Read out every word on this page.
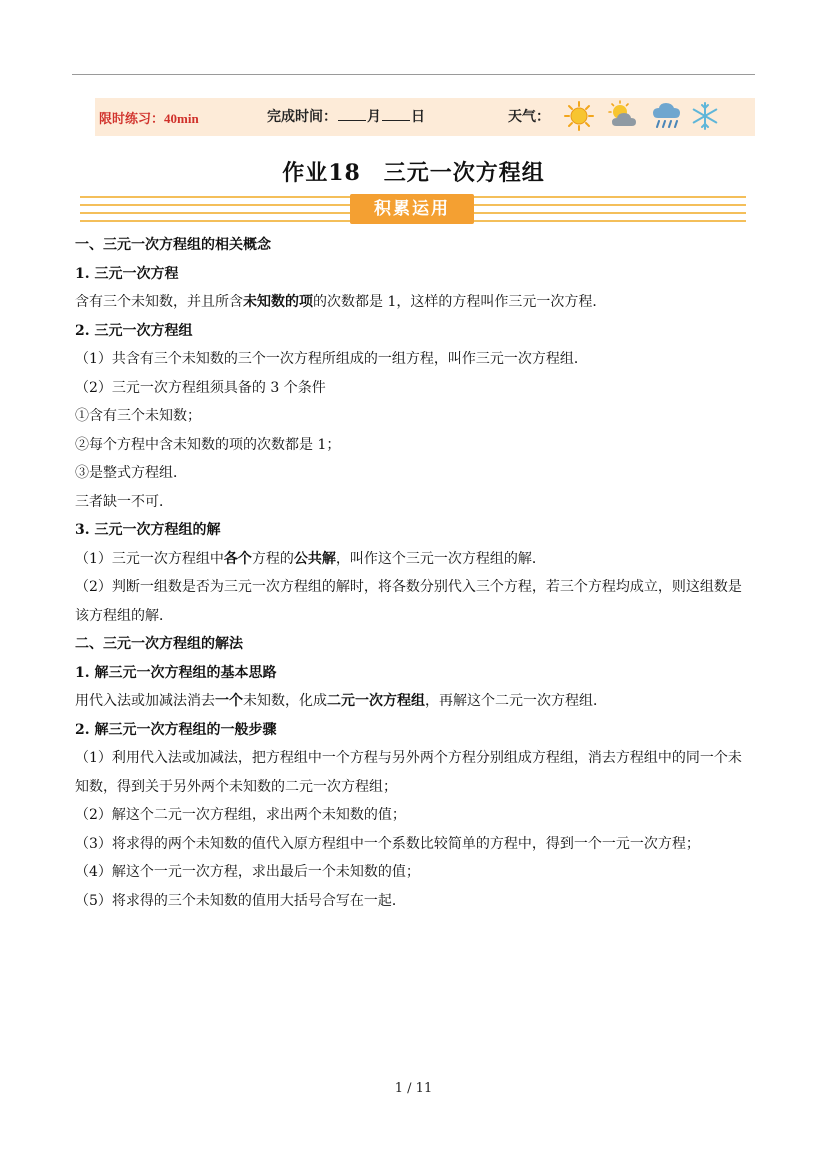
限时练习：40min	完成时间： 月 日	天气：
作业18　三元一次方程组
积累运用

一、三元一次方程组的相关概念

1. 三元一次方程

含有三个未知数，并且所含未知数的项的次数都是 1，这样的方程叫作三元一次方程．

2. 三元一次方程组

（1）共含有三个未知数的三个一次方程所组成的一组方程，叫作三元一次方程组．

（2）三元一次方程组须具备的 3 个条件

①含有三个未知数；

②每个方程中含未知数的项的次数都是 1；

③是整式方程组．

三者缺一不可．

3. 三元一次方程组的解

（1）三元一次方程组中各个方程的公共解，叫作这个三元一次方程组的解．

（2）判断一组数是否为三元一次方程组的解时，将各数分别代入三个方程，若三个方程均成立，则这组数是该方程组的解．

二、三元一次方程组的解法

1. 解三元一次方程组的基本思路

用代入法或加减法消去一个未知数，化成二元一次方程组，再解这个二元一次方程组．

2. 解三元一次方程组的一般步骤

（1）利用代入法或加减法，把方程组中一个方程与另外两个方程分别组成方程组，消去方程组中的同一个未知数，得到关于另外两个未知数的二元一次方程组；

（2）解这个二元一次方程组，求出两个未知数的值；

（3）将求得的两个未知数的值代入原方程组中一个系数比较简单的方程中，得到一个一元一次方程；

（4）解这个一元一次方程，求出最后一个未知数的值；

（5）将求得的三个未知数的值用大括号合写在一起．

1 / 11
